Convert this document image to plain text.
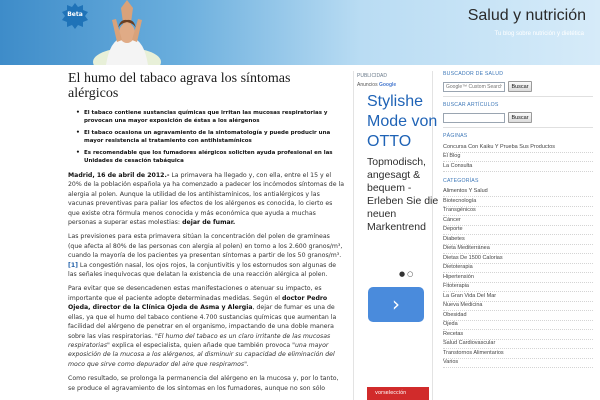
Beta	Salud y nutrición
Tu blog sobre nutrición y dietética
El humo del tabaco agrava los síntomas alérgicos
• El tabaco contiene sustancias químicas que irritan las mucosas respiratorias y provocan una mayor exposición de éstas a los alérgenos
• El tabaco ocasiona un agravamiento de la sintomatología y puede producir una mayor resistencia al tratamiento con antihistamínicos
• Es recomendable que los fumadores alérgicos soliciten ayuda profesional en las Unidades de cesación tabáquica

Madrid, 16 de abril de 2012.- La primavera ha llegado y, con ella, entre el 15 y el 20% de la población española ya ha comenzado a padecer los incómodos síntomas de la alergia al polen. Aunque la utilidad de los antihistamínicos, los antialérgicos y las vacunas preventivas para paliar los efectos de los alérgenos es conocida, lo cierto es que existe otra fórmula menos conocida y más económica que ayuda a muchas personas a superar estas molestias: dejar de fumar.

Las previsiones para esta primavera sitúan la concentración del polen de gramíneas (que afecta al 80% de las personas con alergia al polen) en torno a los 2.600 granos/m³, cuando la mayoría de los pacientes ya presentan síntomas a partir de los 50 granos/m³.[1] La congestión nasal, los ojos rojos, la conjuntivitis y los estornudos son algunas de las señales inequívocas que delatan la existencia de una reacción alérgica al polen.

Para evitar que se desencadenen estas manifestaciones o atenuar su impacto, es importante que el paciente adopte determinadas medidas. Según el doctor Pedro Ojeda, director de la Clínica Ojeda de Asma y Alergia, dejar de fumar es una de ellas, ya que el humo del tabaco contiene 4.700 sustancias químicas que aumentan la facilidad del alérgeno de penetrar en el organismo, impactando de una doble manera sobre las vías respiratorias. "El humo del tabaco es un claro irritante de las mucosas respiratorias" explica el especialista, quien añade que también provoca "una mayor exposición de la mucosa a los alérgenos, al disminuir su capacidad de eliminación del moco que sirve como depurador del aire que respiramos".

Como resultado, se prolonga la permanencia del alérgeno en la mucosa y, por lo tanto, se produce el agravamiento de los síntomas en los fumadores, aunque no son sólo

PUBLICIDAD
Anuncios Google
Stylishe Mode von OTTO
Topmodisch, angesagt & bequem - Erleben Sie die neuen Markentrend
●○
›
vorselección
BUSCADOR DE SALUD
Google™ Custom Search
Buscar
BUSCAR ARTÍCULOS
Buscar
PÁGINAS
Concursa Con Kaiku Y Prueba Sus Productos
El Blog
La Consulta
CATEGORÍAS
Alimentos Y Salud
Biotecnología
Transgénicos
Cáncer
Deporte
Diabetes
Dieta Mediterránea
Dietas De 1500 Calorias
Dietoterapia
Hipertensión
Fitoterapia
La Gran Vida Del Mar
Nueva Medicina
Obesidad
Ojeda
Recetas
Salud Cardiovascular
Transtornos Alimentarios
Varios
